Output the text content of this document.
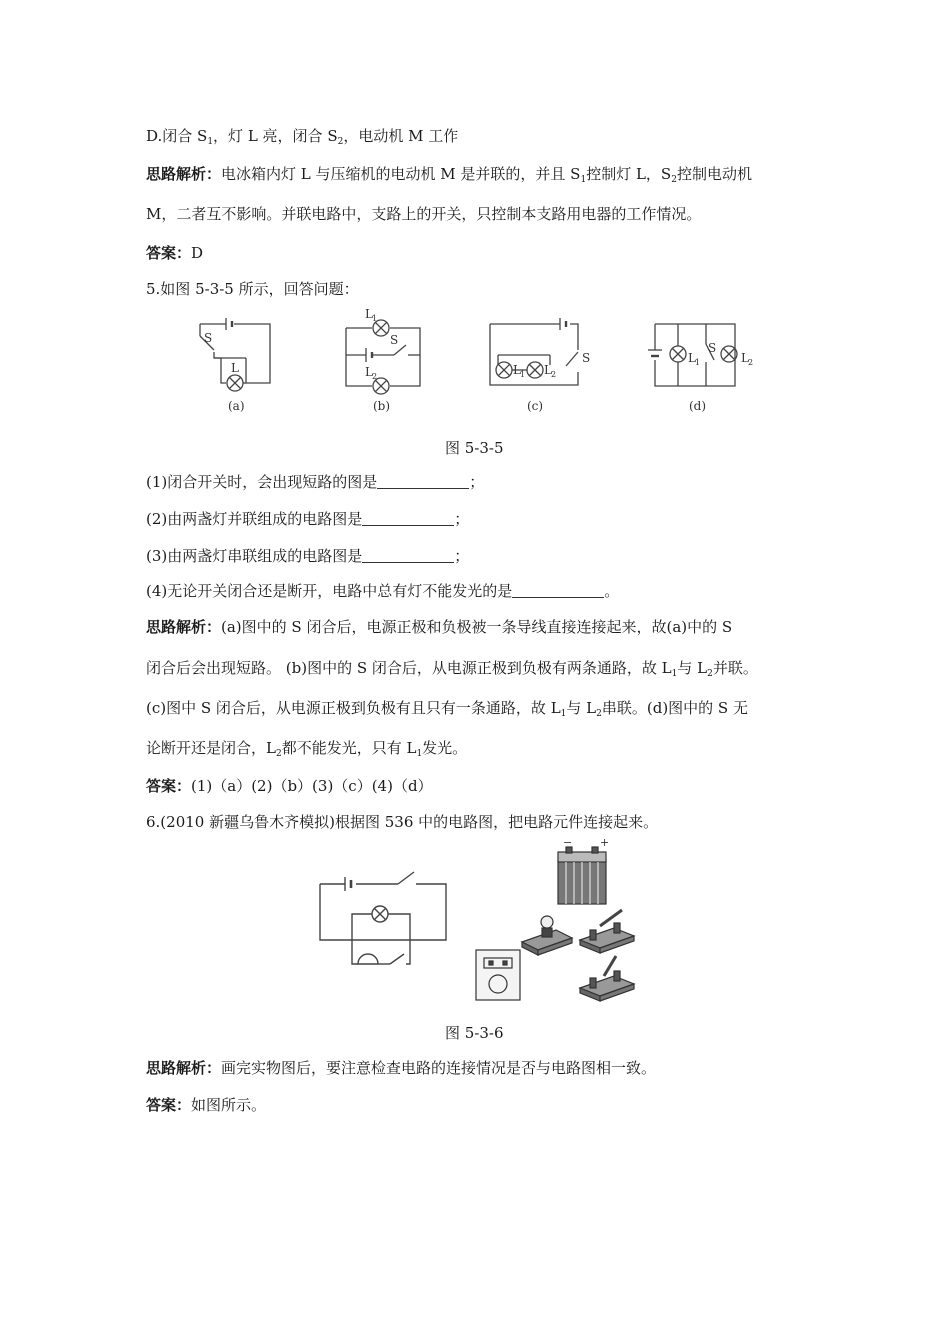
D.闭合 $S_1$，灯 L 亮，闭合 $S_2$，电动机 M 工作
思路解析：电冰箱内灯 L 与压缩机的电动机 M 是并联的，并且 $S_1$控制灯 L，$S_2$控制电动机
M，二者互不影响。并联电路中，支路上的开关，只控制本支路用电器的工作情况。
答案：D
5.如图 5-3-5 所示，回答问题：
S
L
L 1
S
L 2	L 1 L 2
S	L 1
S
L 2
(a)	(b)	(c)	(d)
图 5-3-5
(1)闭合开关时，会出现短路的图是	；
(2)由两盏灯并联组成的电路图是	；
(3)由两盏灯串联组成的电路图是	；
(4)无论开关闭合还是断开，电路中总有灯不能发光的是	。
思路解析：(a)图中的 S 闭合后，电源正极和负极被一条导线直接连接起来，故(a)中的 S
闭合后会出现短路。 (b)图中的 S 闭合后，从电源正极到负极有两条通路，故 $L_1$与 $L_2$并联。
(c)图中 S 闭合后，从电源正极到负极有且只有一条通路，故 $L_1$与 $L_2$串联。(d)图中的 S 无
论断开还是闭合，$L_2$都不能发光，只有 $L_1$发光。
答案：(1)（a）(2)（b）(3)（c）(4)（d）
6.(2010 新疆乌鲁木齐模拟)根据图 536 中的电路图，把电路元件连接起来。
−	+
图 5-3-6
思路解析：画完实物图后，要注意检查电路的连接情况是否与电路图相一致。
答案：如图所示。
